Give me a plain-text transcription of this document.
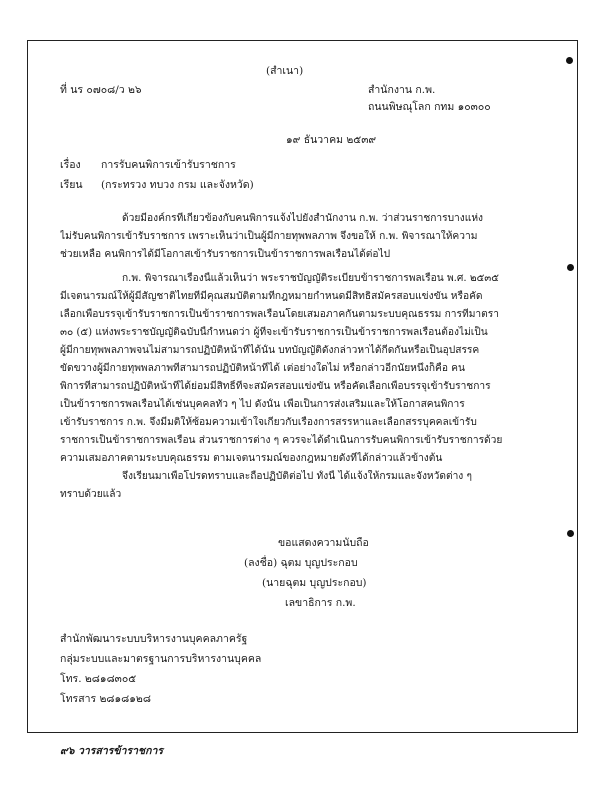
(สำเนา)
ที่ นร ๐๗๐๘/ว ๒๖	สำนักงาน ก.พ.
ถนนพิษณุโลก กทม ๑๐๓๐๐
๑๙ ธันวาคม ๒๕๓๙
เรื่อง การรับคนพิการเข้ารับราชการ
เรียน (กระทรวง ทบวง กรม และจังหวัด)
ด้วยมีองค์กรที่เกี่ยวข้องกับคนพิการแจ้งไปยังสำนักงาน ก.พ. ว่าส่วนราชการบางแห่ง
ไม่รับคนพิการเข้ารับราชการ เพราะเห็นว่าเป็นผู้มีกายทุพพลภาพ จึงขอให้ ก.พ. พิจารณาให้ความ
ช่วยเหลือ คนพิการได้มีโอกาสเข้ารับราชการเป็นข้าราชการพลเรือนได้ต่อไป
ก.พ. พิจารณาเรื่องนี้แล้วเห็นว่า พระราชบัญญัติระเบียบข้าราชการพลเรือน พ.ศ. ๒๕๓๕
มีเจตนารมณ์ให้ผู้มีสัญชาติไทยที่มีคุณสมบัติตามที่กฎหมายกำหนดมีสิทธิสมัครสอบแข่งขัน หรือคัด
เลือกเพื่อบรรจุเข้ารับราชการเป็นข้าราชการพลเรือนโดยเสมอภาคกันตามระบบคุณธรรม การที่มาตรา
๓๐ (๕) แห่งพระราชบัญญัติฉบับนี้กำหนดว่า ผู้ที่จะเข้ารับราชการเป็นข้าราชการพลเรือนต้องไม่เป็น
ผู้มีกายทุพพลภาพจนไม่สามารถปฏิบัติหน้าที่ได้นั้น บทบัญญัติดังกล่าวหาได้กีดกันหรือเป็นอุปสรรค
ขัดขวางผู้มีกายทุพพลภาพที่สามารถปฏิบัติหน้าที่ได้ เต่อย่างใดไม่ หรือกล่าวอีกนัยหนึ่งก็คือ คน
พิการที่สามารถปฏิบัติหน้าที่ได้ย่อมมีสิทธิ์ที่จะสมัครสอบแข่งขัน หรือคัดเลือกเพื่อบรรจุเข้ารับราชการ
เป็นข้าราชการพลเรือนได้เช่นบุคคลทั่ว ๆ ไป ดังนั้น เพื่อเป็นการส่งเสริมและให้โอกาสคนพิการ
เข้ารับราชการ ก.พ. จึงมีมติให้ซ้อมความเข้าใจเกี่ยวกับเรื่องการสรรหาและเลือกสรรบุคคลเข้ารับ
ราชการเป็นข้าราชการพลเรือน ส่วนราชการต่าง ๆ ควรจะได้ดำเนินการรับคนพิการเข้ารับราชการด้วย
ความเสมอภาคตามระบบคุณธรรม ตามเจตนารมณ์ของกฎหมายดังที่ได้กล่าวแล้วข้างต้น
จึงเรียนมาเพื่อโปรดทราบและถือปฏิบัติต่อไป ทั้งนี้ ได้แจ้งให้กรมและจังหวัดต่าง ๆ
ทราบด้วยแล้ว
ขอแสดงความนับถือ
(ลงชื่อ) ฉุตม บุญประกอบ
(นายฉุตม บุญประกอบ)
เลขาธิการ ก.พ.
สำนักพัฒนาระบบบริหารงานบุคคลภาครัฐ
กลุ่มระบบและมาตรฐานการบริหารงานบุคคล
โทร. ๒๘๑๘๓๐๕
โทรสาร ๒๘๑๘๑๒๘
๙๖ วารสารข้าราชการ
